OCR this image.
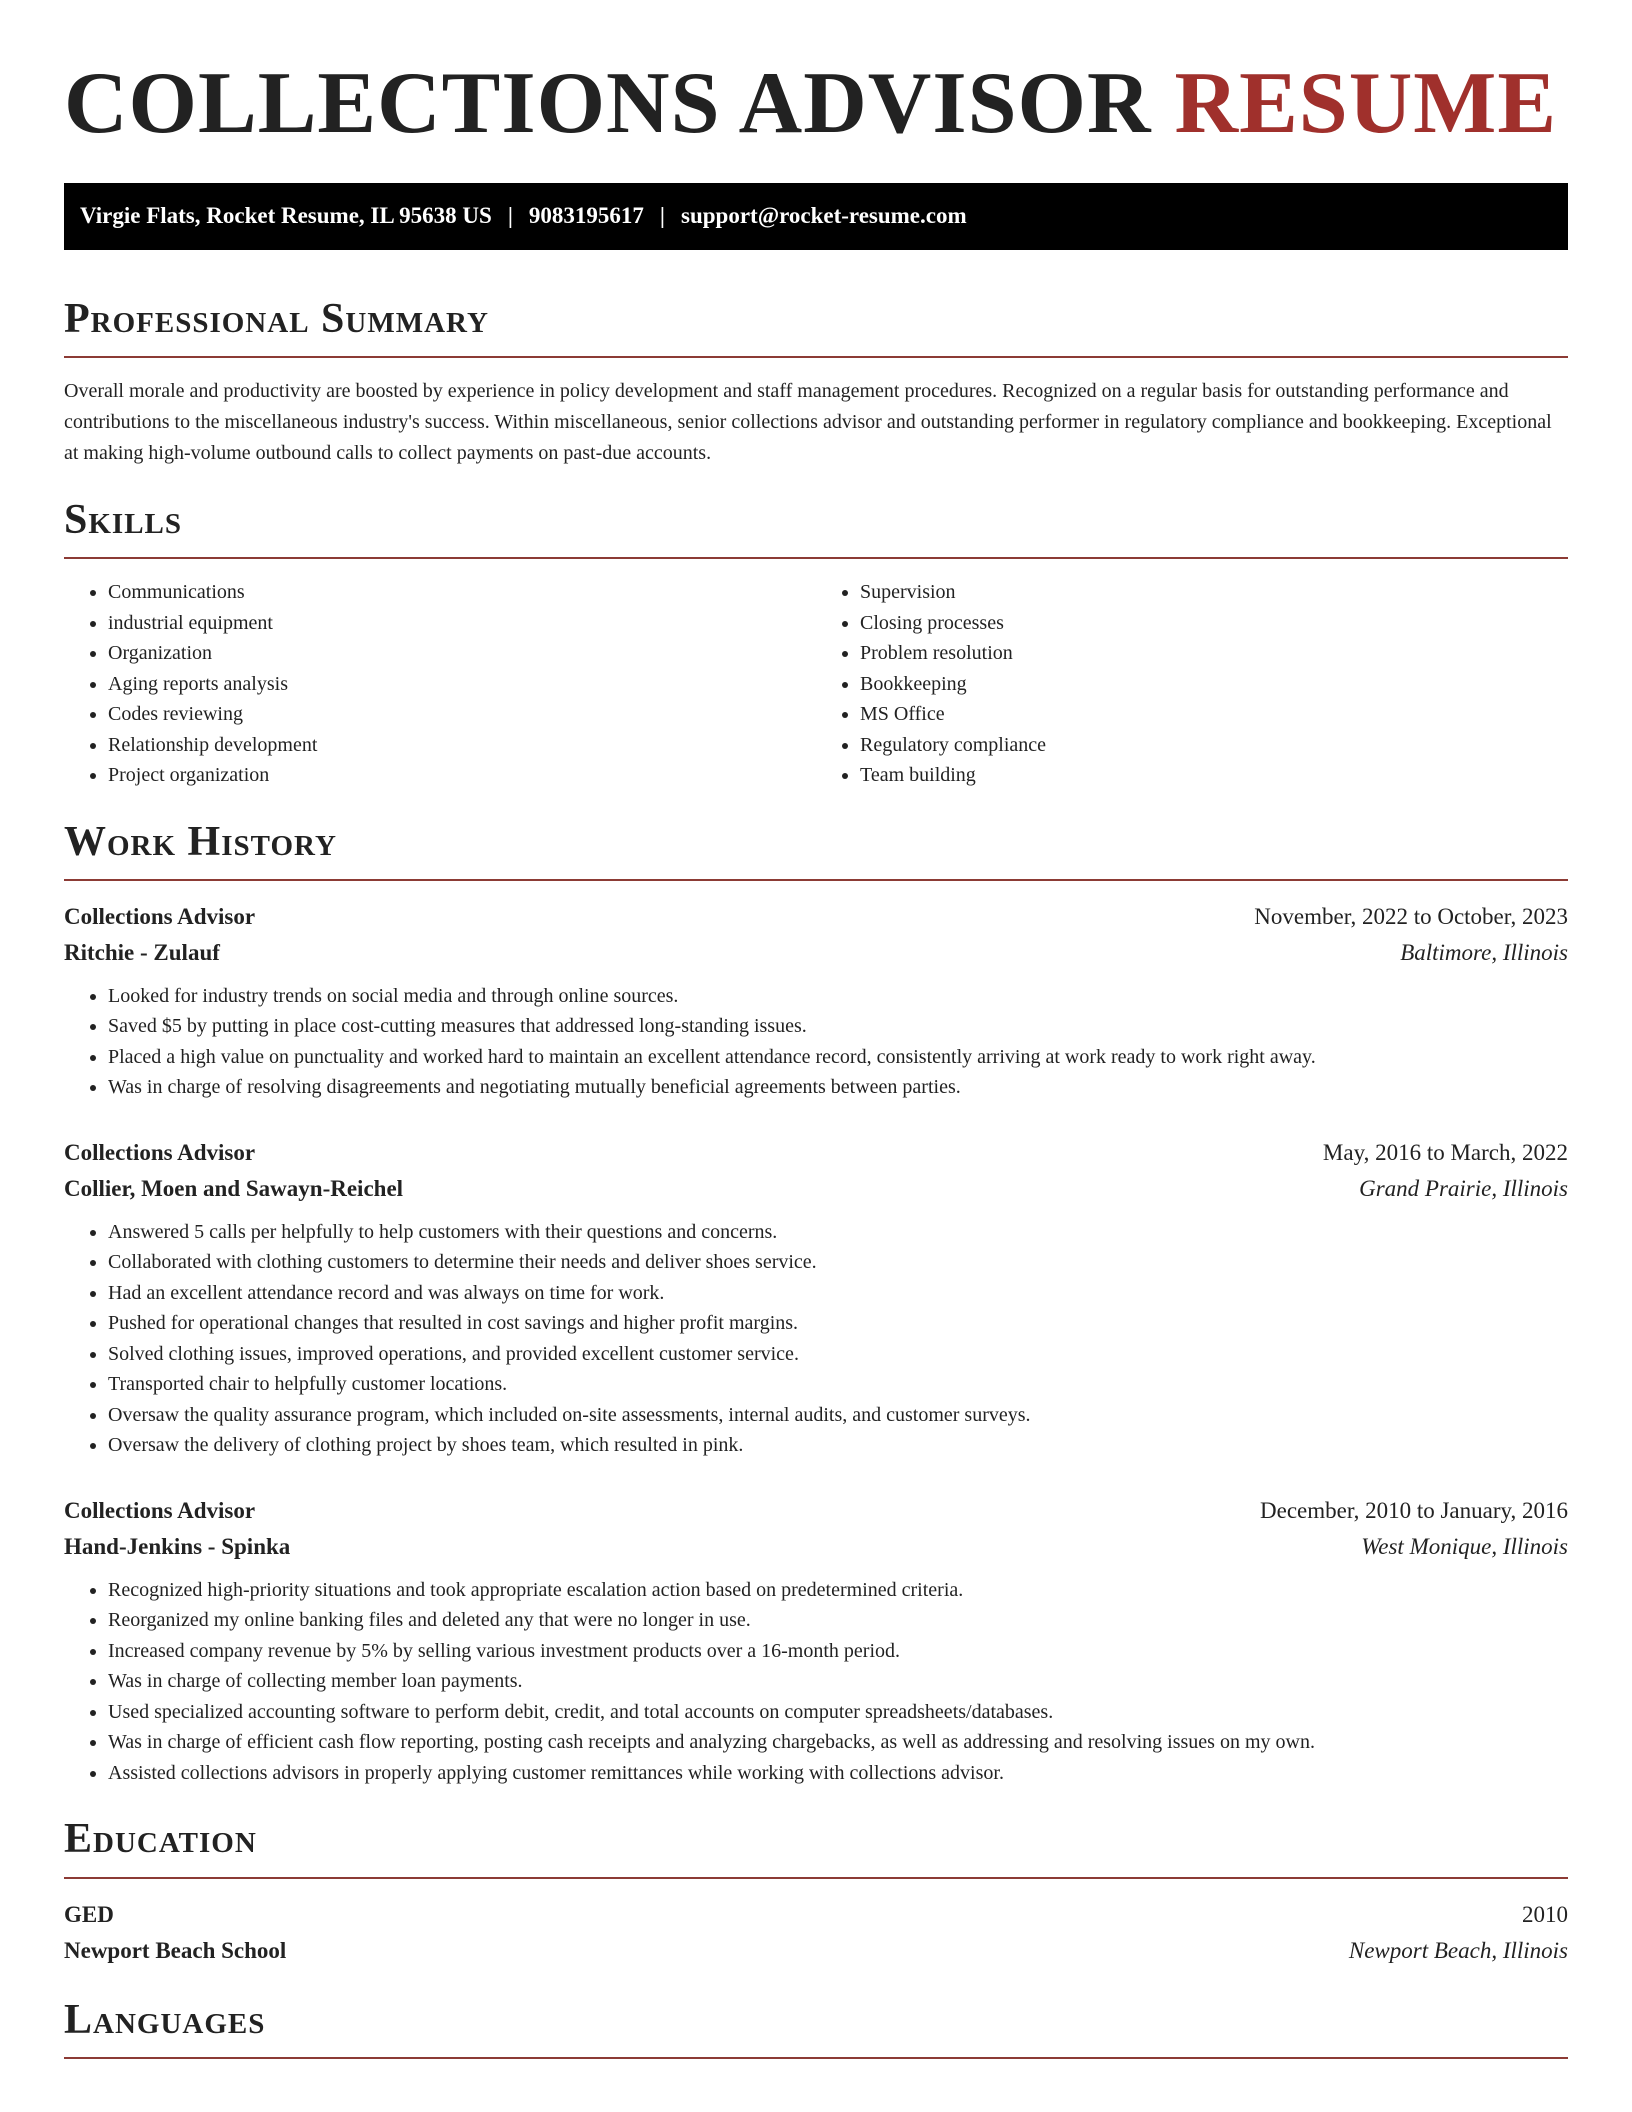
COLLECTIONS ADVISOR RESUME
Virgie Flats, Rocket Resume, IL 95638 US | 9083195617 | support@rocket-resume.com
Professional Summary

Overall morale and productivity are boosted by experience in policy development and staff management procedures. Recognized on a regular basis for outstanding performance and contributions to the miscellaneous industry's success. Within miscellaneous, senior collections advisor and outstanding performer in regulatory compliance and bookkeeping. Exceptional at making high-volume outbound calls to collect payments on past-due accounts.

Skills
• Communications
• industrial equipment
• Organization
• Aging reports analysis
• Codes reviewing
• Relationship development
• Project organization
• Supervision
• Closing processes
• Problem resolution
• Bookkeeping
• MS Office
• Regulatory compliance
• Team building
Work History
Collections Advisor	November, 2022 to October, 2023
Ritchie - Zulauf	Baltimore, Illinois
• Looked for industry trends on social media and through online sources.
• Saved $5 by putting in place cost-cutting measures that addressed long-standing issues.
• Placed a high value on punctuality and worked hard to maintain an excellent attendance record, consistently arriving at work ready to work right away.
• Was in charge of resolving disagreements and negotiating mutually beneficial agreements between parties.
Collections Advisor	May, 2016 to March, 2022
Collier, Moen and Sawayn-Reichel	Grand Prairie, Illinois
• Answered 5 calls per helpfully to help customers with their questions and concerns.
• Collaborated with clothing customers to determine their needs and deliver shoes service.
• Had an excellent attendance record and was always on time for work.
• Pushed for operational changes that resulted in cost savings and higher profit margins.
• Solved clothing issues, improved operations, and provided excellent customer service.
• Transported chair to helpfully customer locations.
• Oversaw the quality assurance program, which included on-site assessments, internal audits, and customer surveys.
• Oversaw the delivery of clothing project by shoes team, which resulted in pink.
Collections Advisor	December, 2010 to January, 2016
Hand-Jenkins - Spinka	West Monique, Illinois
• Recognized high-priority situations and took appropriate escalation action based on predetermined criteria.
• Reorganized my online banking files and deleted any that were no longer in use.
• Increased company revenue by 5% by selling various investment products over a 16-month period.
• Was in charge of collecting member loan payments.
• Used specialized accounting software to perform debit, credit, and total accounts on computer spreadsheets/databases.
• Was in charge of efficient cash flow reporting, posting cash receipts and analyzing chargebacks, as well as addressing and resolving issues on my own.
• Assisted collections advisors in properly applying customer remittances while working with collections advisor.
Education
GED	2010
Newport Beach School	Newport Beach, Illinois
Languages
